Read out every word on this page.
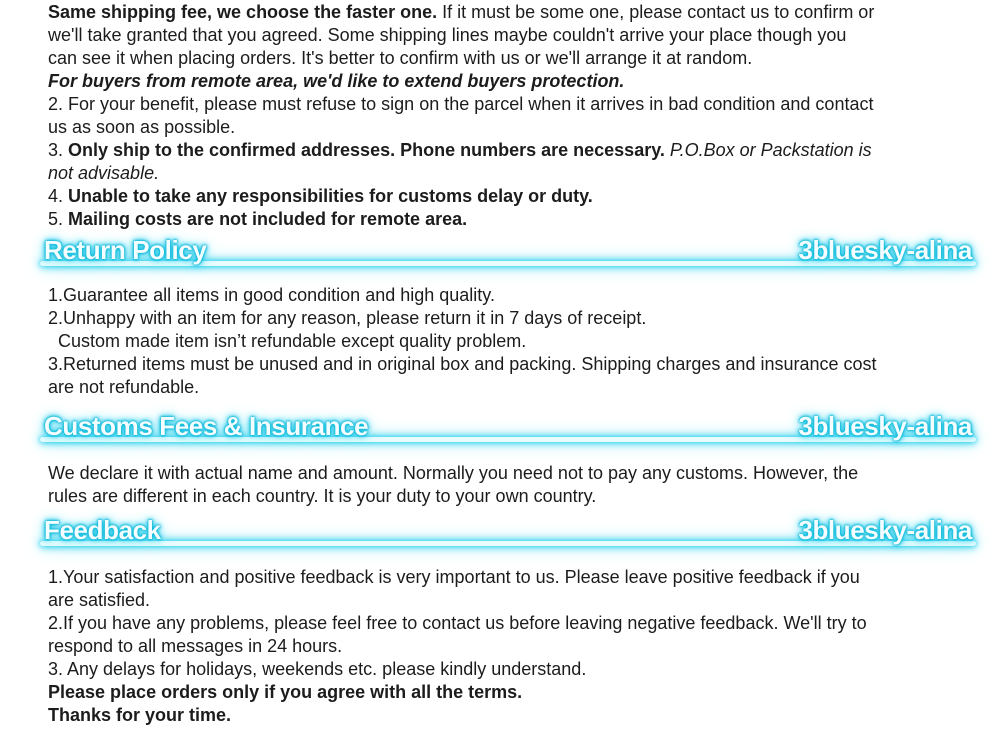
Same shipping fee, we choose the faster one. If it must be some one, please contact us to confirm or
we'll take granted that you agreed. Some shipping lines maybe couldn't arrive your place though you
can see it when placing orders. It's better to confirm with us or we'll arrange it at random.
For buyers from remote area, we'd like to extend buyers protection.
2. For your benefit, please must refuse to sign on the parcel when it arrives in bad condition and contact
us as soon as possible.
3. Only ship to the confirmed addresses. Phone numbers are necessary. P.O.Box or Packstation is
not advisable.
4. Unable to take any responsibilities for customs delay or duty.
5. Mailing costs are not included for remote area.
Return Policy	3bluesky-alina
1.Guarantee all items in good condition and high quality.
2.Unhappy with an item for any reason, please return it in 7 days of receipt.
Custom made item isn’t refundable except quality problem.
3.Returned items must be unused and in original box and packing. Shipping charges and insurance cost
are not refundable.
Customs Fees & Insurance	3bluesky-alina
We declare it with actual name and amount. Normally you need not to pay any customs. However, the
rules are different in each country. It is your duty to your own country.
Feedback	3bluesky-alina
1.Your satisfaction and positive feedback is very important to us. Please leave positive feedback if you
are satisfied.
2.If you have any problems, please feel free to contact us before leaving negative feedback. We'll try to
respond to all messages in 24 hours.
3. Any delays for holidays, weekends etc. please kindly understand.
Please place orders only if you agree with all the terms.
Thanks for your time.
